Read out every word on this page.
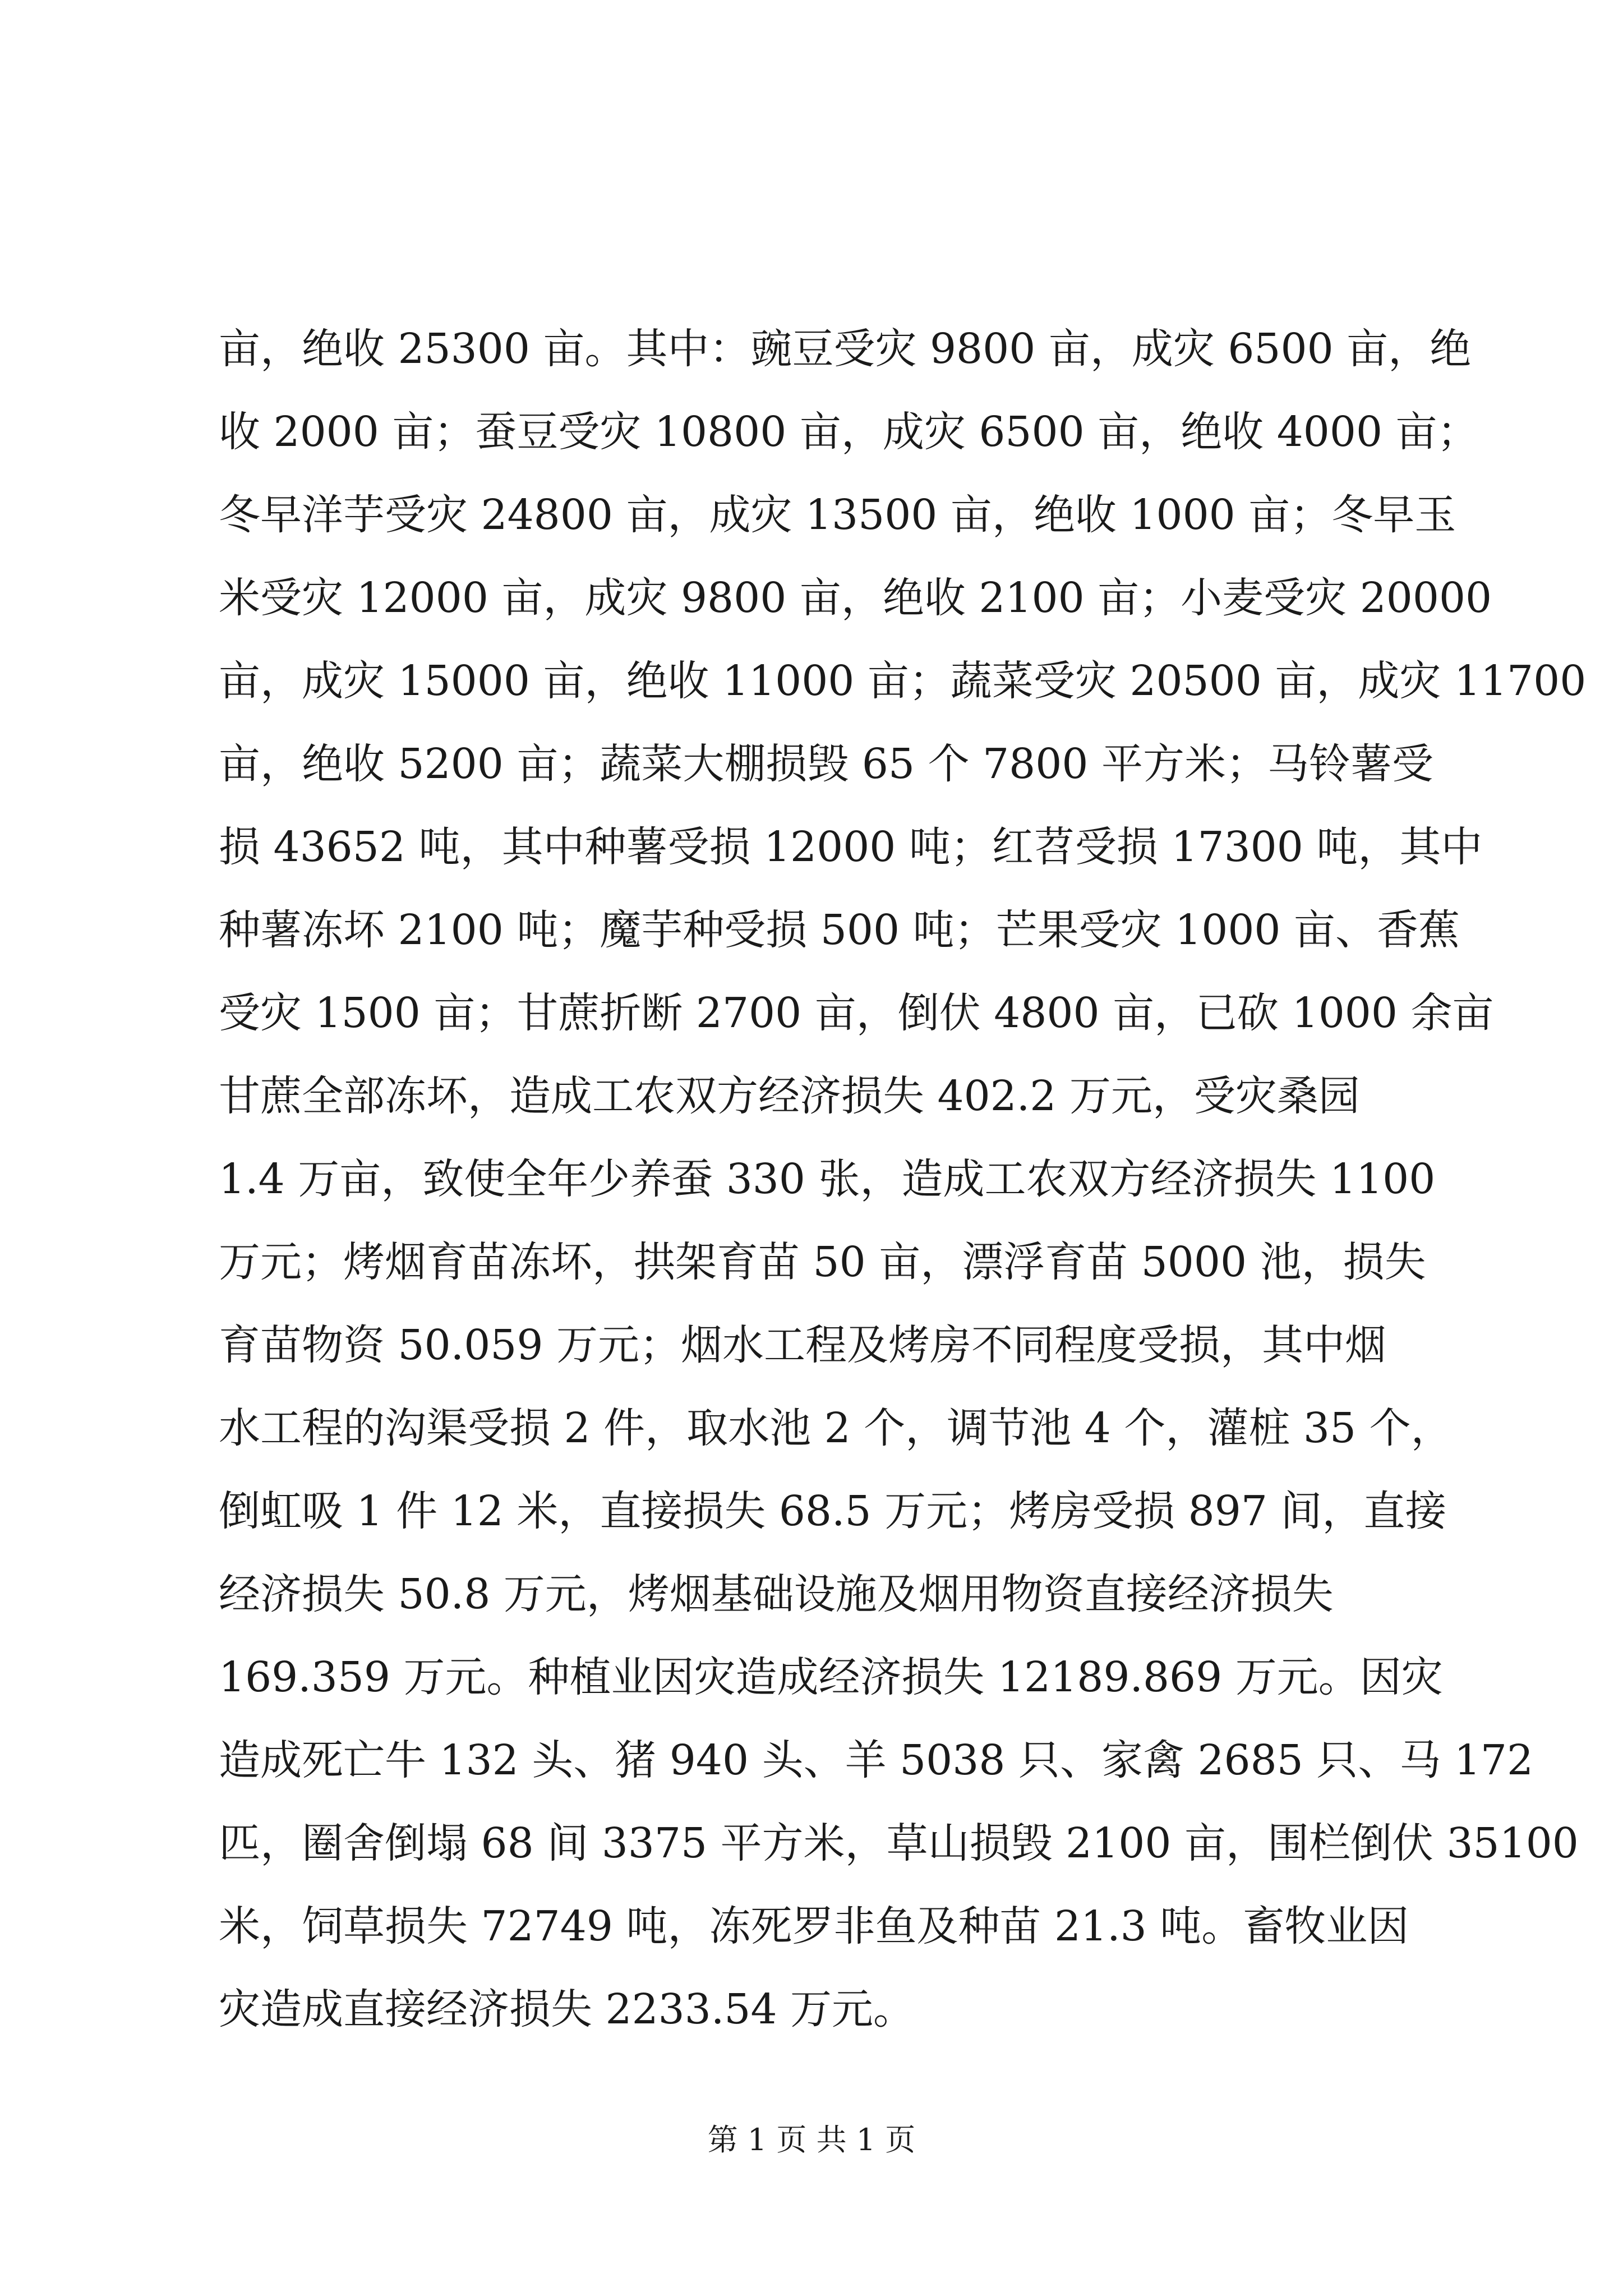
亩，绝收 25300 亩。其中：豌豆受灾 9800 亩，成灾 6500 亩，绝
收 2000 亩；蚕豆受灾 10800 亩，成灾 6500 亩，绝收 4000 亩；
冬早洋芋受灾 24800 亩，成灾 13500 亩，绝收 1000 亩；冬早玉
米受灾 12000 亩，成灾 9800 亩，绝收 2100 亩；小麦受灾 20000
亩，成灾 15000 亩，绝收 11000 亩；蔬菜受灾 20500 亩，成灾 11700
亩，绝收 5200 亩；蔬菜大棚损毁 65 个 7800 平方米；马铃薯受
损 43652 吨，其中种薯受损 12000 吨；红苕受损 17300 吨，其中
种薯冻坏 2100 吨；魔芋种受损 500 吨；芒果受灾 1000 亩、香蕉
受灾 1500 亩；甘蔗折断 2700 亩，倒伏 4800 亩，已砍 1000 余亩
甘蔗全部冻坏，造成工农双方经济损失 402.2 万元，受灾桑园
1.4 万亩，致使全年少养蚕 330 张，造成工农双方经济损失 1100
万元；烤烟育苗冻坏，拱架育苗 50 亩，漂浮育苗 5000 池，损失
育苗物资 50.059 万元；烟水工程及烤房不同程度受损，其中烟
水工程的沟渠受损 2 件，取水池 2 个，调节池 4 个，灌桩 35 个，
倒虹吸 1 件 12 米，直接损失 68.5 万元；烤房受损 897 间，直接
经济损失 50.8 万元，烤烟基础设施及烟用物资直接经济损失
169.359 万元。种植业因灾造成经济损失 12189.869 万元。因灾
造成死亡牛 132 头、猪 940 头、羊 5038 只、家禽 2685 只、马 172
匹，圈舍倒塌 68 间 3375 平方米，草山损毁 2100 亩，围栏倒伏 35100
米，饲草损失 72749 吨，冻死罗非鱼及种苗 21.3 吨。畜牧业因
灾造成直接经济损失 2233.54 万元。
第 1 页 共 1 页
